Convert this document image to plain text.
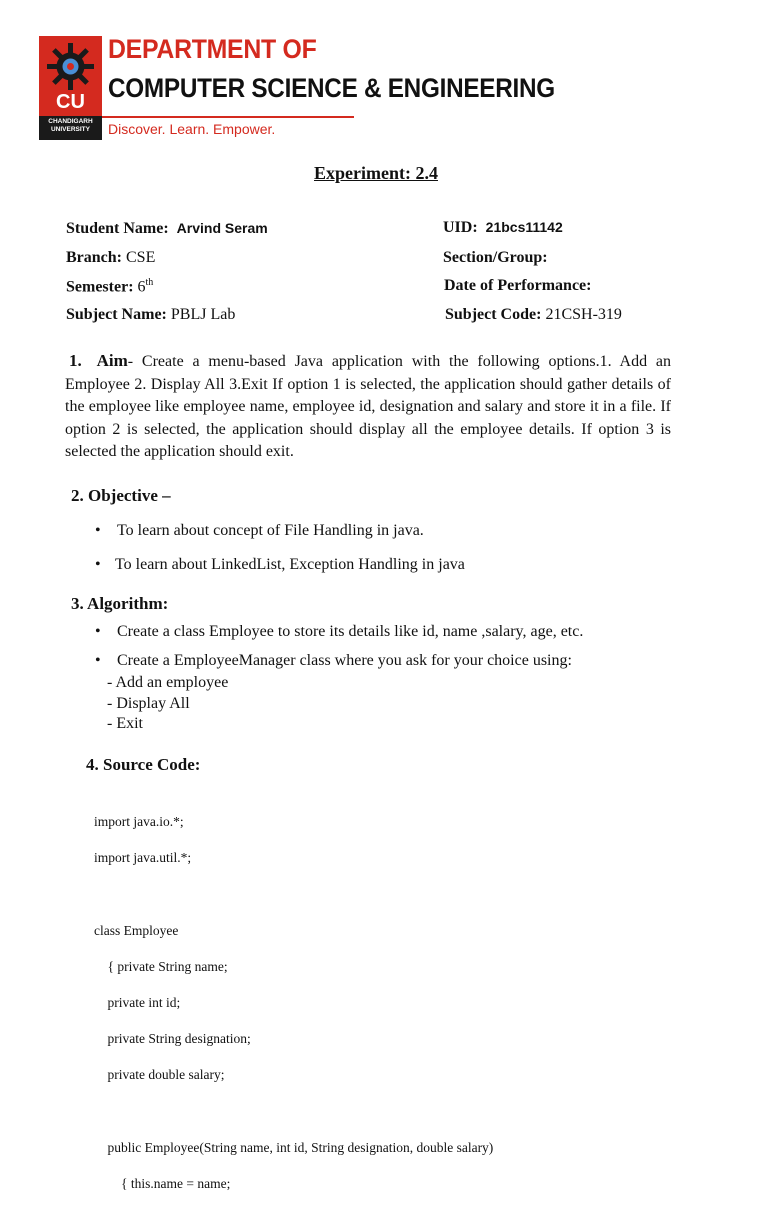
CU
CHANDIGARH UNIVERSITY
DEPARTMENT OF
COMPUTER SCIENCE & ENGINEERING
Discover. Learn. Empower.
Experiment: 2.4
Student Name: Arvind Seram	UID: 21bcs11142
Branch: CSE	Section/Group:
Semester: 6th	Date of Performance:
Subject Name: PBLJ Lab	Subject Code: 21CSH-319
1. Aim- Create a menu-based Java application with the following options.1. Add an Employee 2. Display All 3.Exit If option 1 is selected, the application should gather details of the employee like employee name, employee id, designation and salary and store it in a file. If option 2 is selected, the application should display all the employee details. If option 3 is selected the application should exit.
2. Objective –
• To learn about concept of File Handling in java.
• To learn about LinkedList, Exception Handling in java
3. Algorithm:
• Create a class Employee to store its details like id, name ,salary, age, etc.
• Create a EmployeeManager class where you ask for your choice using:
- Add an employee
- Display All
- Exit
4. Source Code:

import java.io.*;

import java.util.*;

class Employee

{ private String name;

private int id;

private String designation;

private double salary;

public Employee(String name, int id, String designation, double salary)

{ this.name = name;
